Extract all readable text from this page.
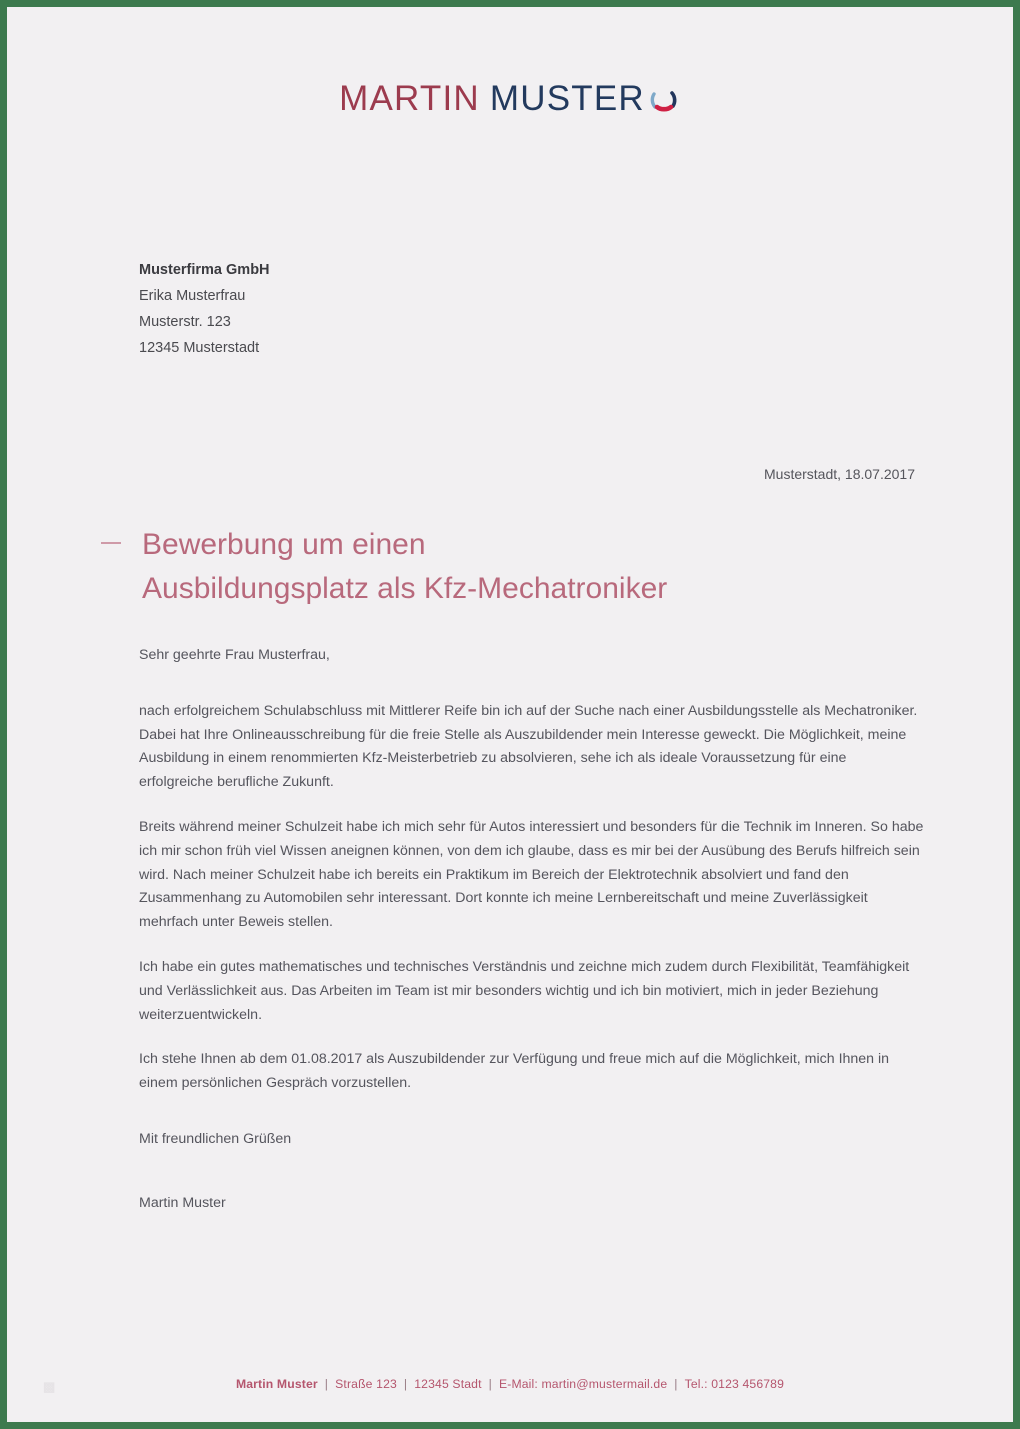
MARTIN MUSTER
Musterfirma GmbH
Erika Musterfrau
Musterstr. 123
12345 Musterstadt
Musterstadt, 18.07.2017
Bewerbung um einen
Ausbildungsplatz als Kfz-Mechatroniker

Sehr geehrte Frau Musterfrau,

nach erfolgreichem Schulabschluss mit Mittlerer Reife bin ich auf der Suche nach einer Ausbildungsstelle als Mechatroniker. Dabei hat Ihre Onlineausschreibung für die freie Stelle als Auszubildender mein Interesse geweckt. Die Möglichkeit, meine Ausbildung in einem renommierten Kfz-Meisterbetrieb zu absolvieren, sehe ich als ideale Voraussetzung für eine erfolgreiche berufliche Zukunft.

Breits während meiner Schulzeit habe ich mich sehr für Autos interessiert und besonders für die Technik im Inneren. So habe ich mir schon früh viel Wissen aneignen können, von dem ich glaube, dass es mir bei der Ausübung des Berufs hilfreich sein wird. Nach meiner Schulzeit habe ich bereits ein Praktikum im Bereich der Elektrotechnik absolviert und fand den Zusammenhang zu Automobilen sehr interessant. Dort konnte ich meine Lernbereitschaft und meine Zuverlässigkeit mehrfach unter Beweis stellen.

Ich habe ein gutes mathematisches und technisches Verständnis und zeichne mich zudem durch Flexibilität, Teamfähigkeit und Verlässlichkeit aus. Das Arbeiten im Team ist mir besonders wichtig und ich bin motiviert, mich in jeder Beziehung weiterzuentwickeln.

Ich stehe Ihnen ab dem 01.08.2017 als Auszubildender zur Verfügung und freue mich auf die Möglichkeit, mich Ihnen in einem persönlichen Gespräch vorzustellen.

Mit freundlichen Grüßen

Martin Muster

▩	Martin Muster | Straße 123 | 12345 Stadt | E-Mail: martin@mustermail.de | Tel.: 0123 456789
